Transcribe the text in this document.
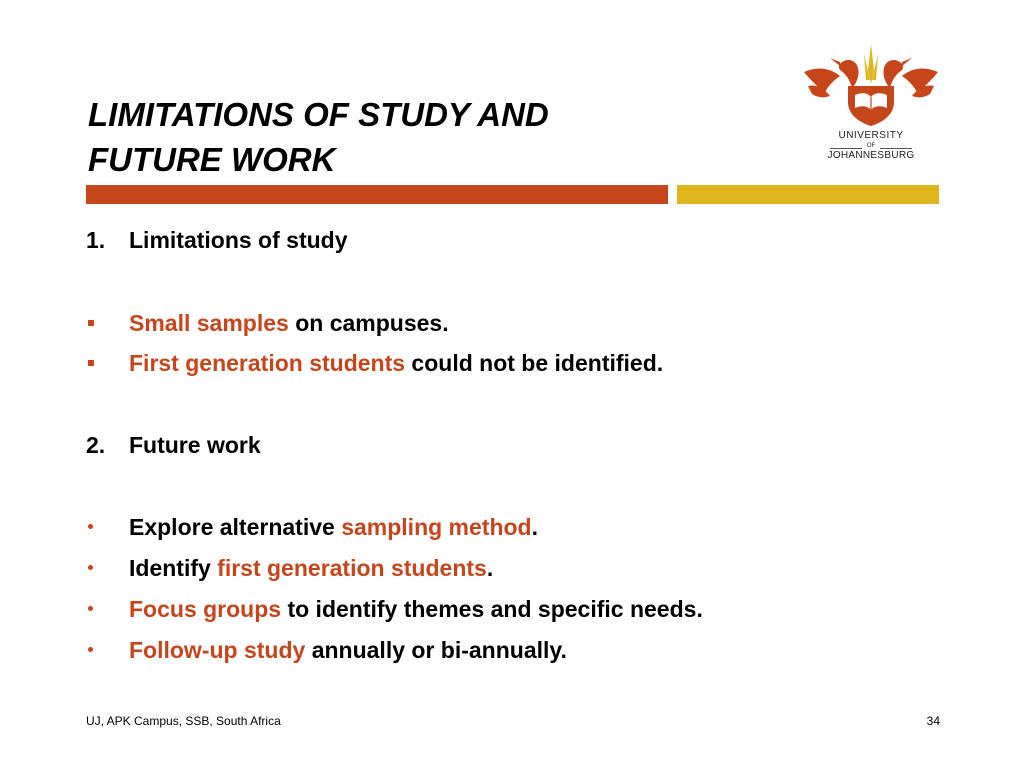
LIMITATIONS OF STUDY AND
FUTURE WORK
UNIVERSITY
OF
JOHANNESBURG
1. Limitations of study
Small samples on campuses.
First generation students could not be identified.
2. Future work
Explore alternative sampling method.
Identify first generation students.
Focus groups to identify themes and specific needs.
Follow-up study annually or bi-annually.
UJ, APK Campus, SSB, South Africa	34
